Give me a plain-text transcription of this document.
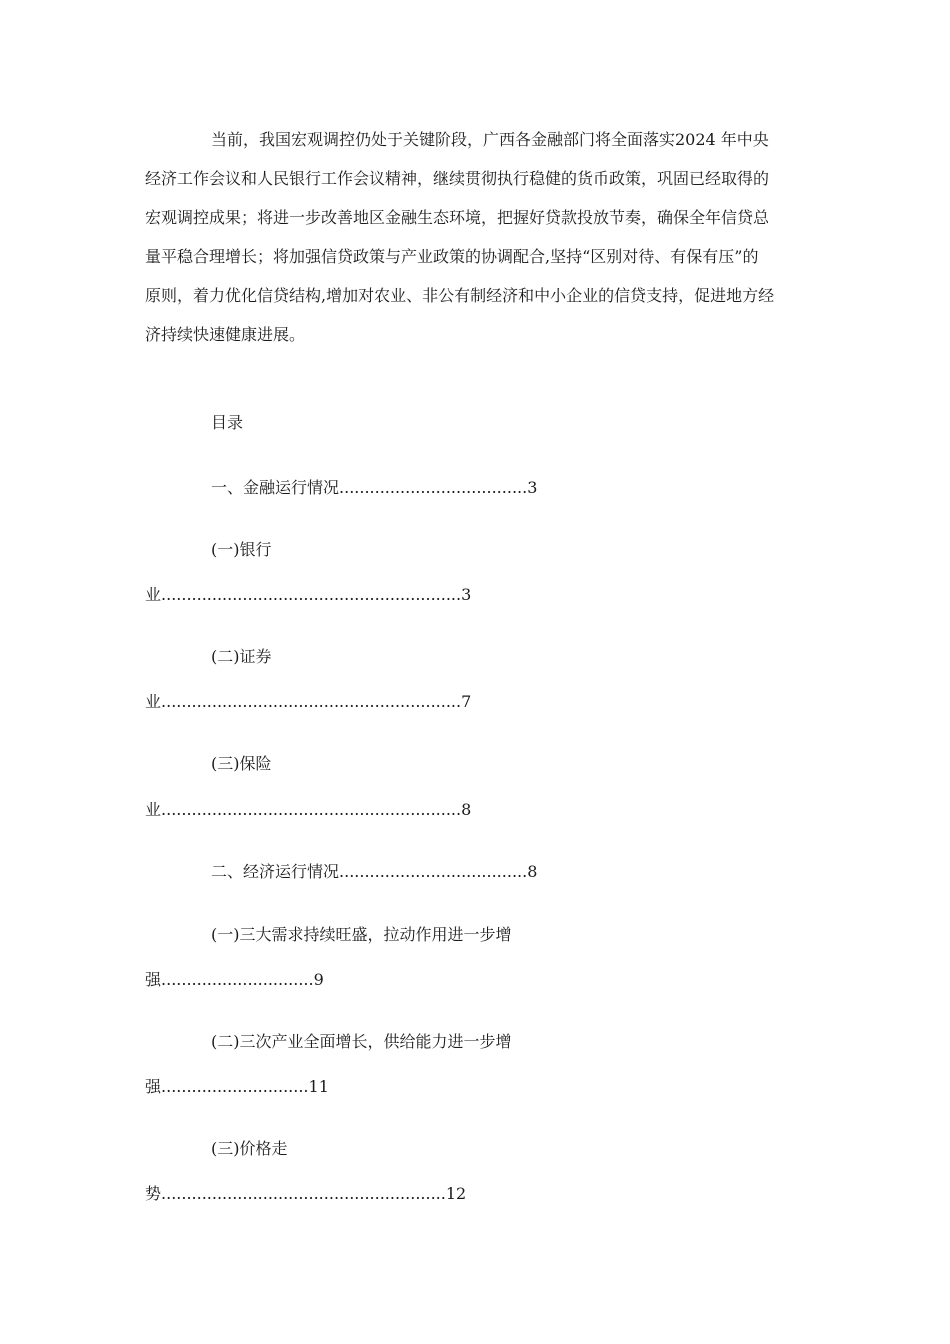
当前，我国宏观调控仍处于关键阶段，广西各金融部门将全面落实2024 年中央
经济工作会议和人民银行工作会议精神，继续贯彻执行稳健的货币政策，巩固已经取得的
宏观调控成果；将进一步改善地区金融生态环境，把握好贷款投放节奏，确保全年信贷总
量平稳合理增长；将加强信贷政策与产业政策的协调配合,坚持“区别对待、有保有压”的
原则，着力优化信贷结构,增加对农业、非公有制经济和中小企业的信贷支持，促进地方经
济持续快速健康进展。
目录
一、金融运行情况.....................................3
(一)银行
业...........................................................3
(二)证券
业...........................................................7
(三)保险
业...........................................................8
二、经济运行情况.....................................8
(一)三大需求持续旺盛，拉动作用进一步增
强..............................9
(二)三次产业全面增长，供给能力进一步增
强.............................11
(三)价格走
势........................................................12
